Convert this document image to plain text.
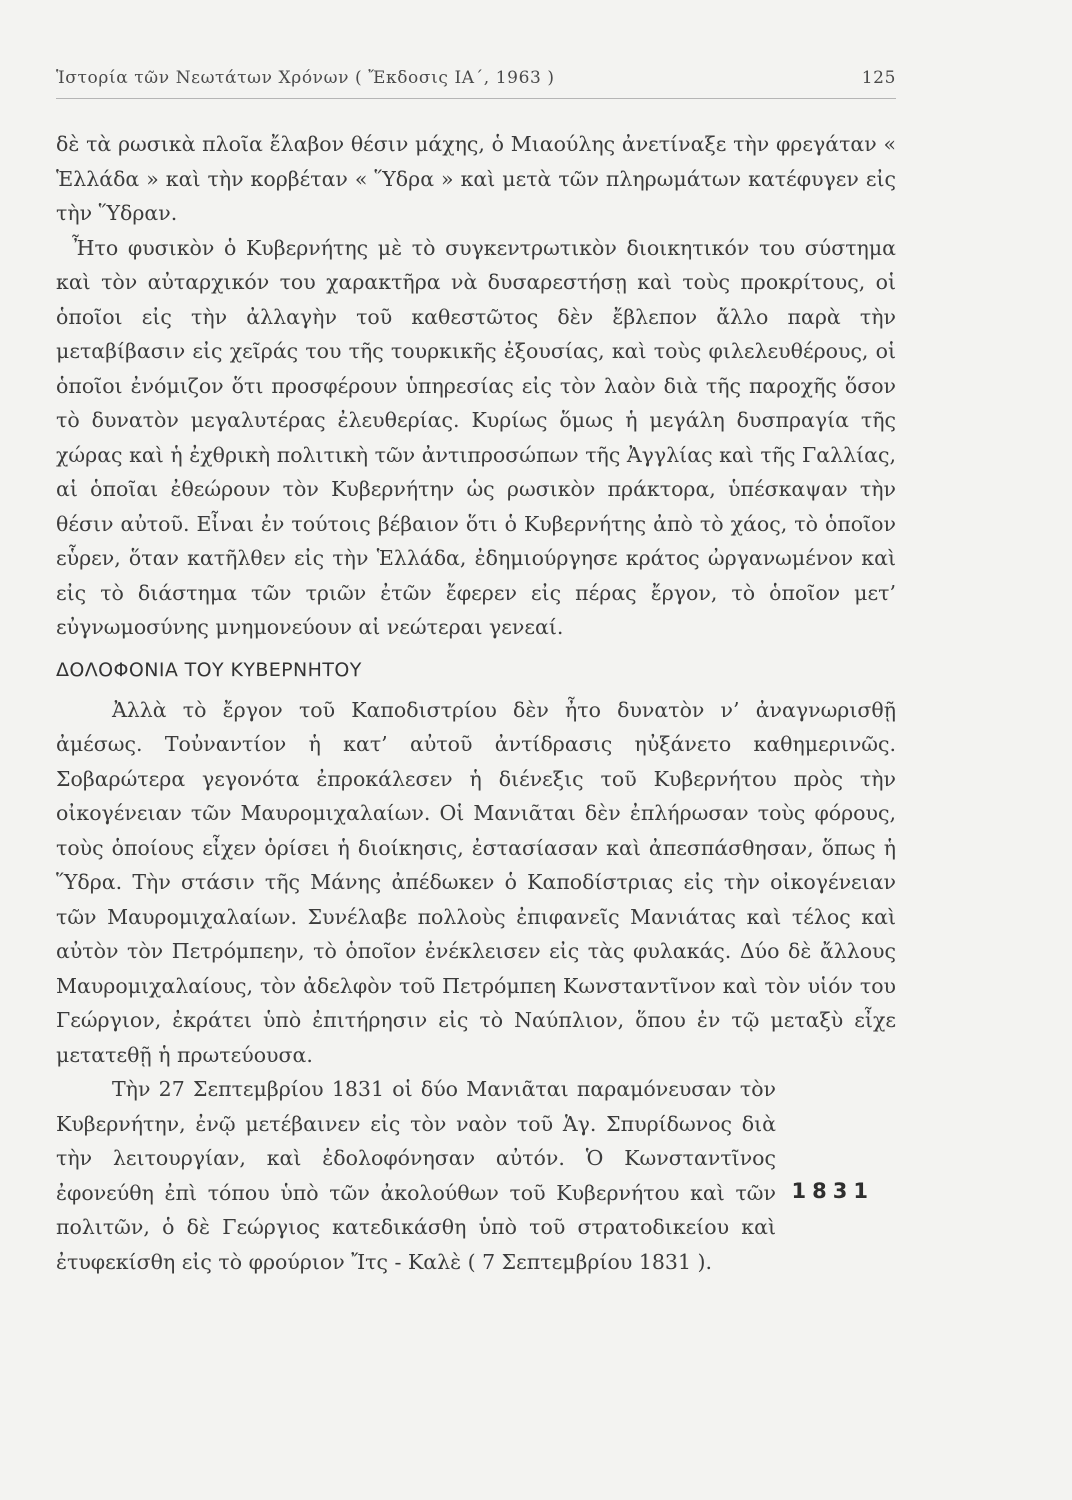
Ἱστορία τῶν Νεωτάτων Χρόνων ( Ἔκδοσις ΙΑ΄, 1963 )	125

δὲ τὰ ρωσικὰ πλοῖα ἔλαβον θέσιν μάχης, ὁ Μιαούλης ἀνετίναξε τὴν φρεγάταν « Ἑλλάδα » καὶ τὴν κορβέταν « Ὕδρα » καὶ μετὰ τῶν πληρωμάτων κατέφυγεν εἰς τὴν Ὕδραν.

Ἦτο φυσικὸν ὁ Κυβερνήτης μὲ τὸ συγκεντρωτικὸν διοικητικόν του σύστημα καὶ τὸν αὐταρχικόν του χαρακτῆρα νὰ δυσαρεστήσῃ καὶ τοὺς προκρίτους, οἱ ὁποῖοι εἰς τὴν ἀλλαγὴν τοῦ καθεστῶτος δὲν ἔβλεπον ἄλλο παρὰ τὴν μεταβίβασιν εἰς χεῖράς του τῆς τουρκικῆς ἐξουσίας, καὶ τοὺς φιλελευθέρους, οἱ ὁποῖοι ἐνόμιζον ὅτι προσφέρουν ὑπηρεσίας εἰς τὸν λαὸν διὰ τῆς παροχῆς ὅσον τὸ δυνατὸν μεγαλυτέρας ἐλευθερίας. Κυρίως ὅμως ἡ μεγάλη δυσπραγία τῆς χώρας καὶ ἡ ἐχθρικὴ πολιτικὴ τῶν ἀντιπροσώπων τῆς Ἀγγλίας καὶ τῆς Γαλλίας, αἱ ὁποῖαι ἐθεώρουν τὸν Κυβερνήτην ὡς ρωσικὸν πράκτορα, ὑπέσκαψαν τὴν θέσιν αὐτοῦ. Εἶναι ἐν τούτοις βέβαιον ὅτι ὁ Κυβερνήτης ἀπὸ τὸ χάος, τὸ ὁποῖον εὗρεν, ὅταν κατῆλθεν εἰς τὴν Ἑλλάδα, ἐδημιούργησε κράτος ὠργανωμένον καὶ εἰς τὸ διάστημα τῶν τριῶν ἐτῶν ἔφερεν εἰς πέρας ἔργον, τὸ ὁποῖον μετ’ εὐγνωμοσύνης μνημονεύουν αἱ νεώτεραι γενεαί.

ΔΟΛΟΦΟΝΙΑ ΤΟΥ ΚΥΒΕΡΝΗΤΟΥ

Ἀλλὰ τὸ ἔργον τοῦ Καποδιστρίου δὲν ἦτο δυνατὸν ν’ ἀναγνωρισθῇ ἀμέσως. Τοὐναντίον ἡ κατ’ αὐτοῦ ἀντίδρασις ηὐξάνετο καθημερινῶς. Σοβαρώτερα γεγονότα ἐπροκάλεσεν ἡ διένεξις τοῦ Κυβερνήτου πρὸς τὴν οἰκογένειαν τῶν Μαυρομιχαλαίων. Οἱ Μανιᾶται δὲν ἐπλήρωσαν τοὺς φόρους, τοὺς ὁποίους εἶχεν ὁρίσει ἡ διοίκησις, ἐστασίασαν καὶ ἀπεσπάσθησαν, ὅπως ἡ Ὕδρα. Τὴν στάσιν τῆς Μάνης ἀπέδωκεν ὁ Καποδίστριας εἰς τὴν οἰκογένειαν τῶν Μαυρομιχαλαίων. Συνέλαβε πολλοὺς ἐπιφανεῖς Μανιάτας καὶ τέλος καὶ αὐτὸν τὸν Πετρόμπεην, τὸ ὁποῖον ἐνέκλεισεν εἰς τὰς φυλακάς. Δύο δὲ ἄλλους Μαυρομιχαλαίους, τὸν ἀδελφὸν τοῦ Πετρόμπεη Κωνσταντῖνον καὶ τὸν υἱόν του Γεώργιον, ἐκράτει ὑπὸ ἐπιτήρησιν εἰς τὸ Ναύπλιον, ὅπου ἐν τῷ μεταξὺ εἶχε μετατεθῇ ἡ πρωτεύουσα.

Τὴν 27 Σεπτεμβρίου 1831 οἱ δύο Μανιᾶται παραμόνευσαν τὸν Κυβερνήτην, ἐνῷ μετέβαινεν εἰς τὸν ναὸν τοῦ Ἁγ. Σπυρίδωνος διὰ τὴν λειτουργίαν, καὶ ἐδολοφόνησαν αὐτόν. Ὁ Κωνσταντῖνος ἐφονεύθη ἐπὶ τόπου ὑπὸ τῶν ἀκολούθων τοῦ Κυβερνήτου καὶ τῶν πολιτῶν, ὁ δὲ Γεώργιος κατεδικάσθη ὑπὸ τοῦ στρατοδικείου καὶ ἐτυφεκίσθη εἰς τὸ φρούριον Ἴτς - Καλὲ ( 7 Σεπτεμβρίου 1831 ).

1831
